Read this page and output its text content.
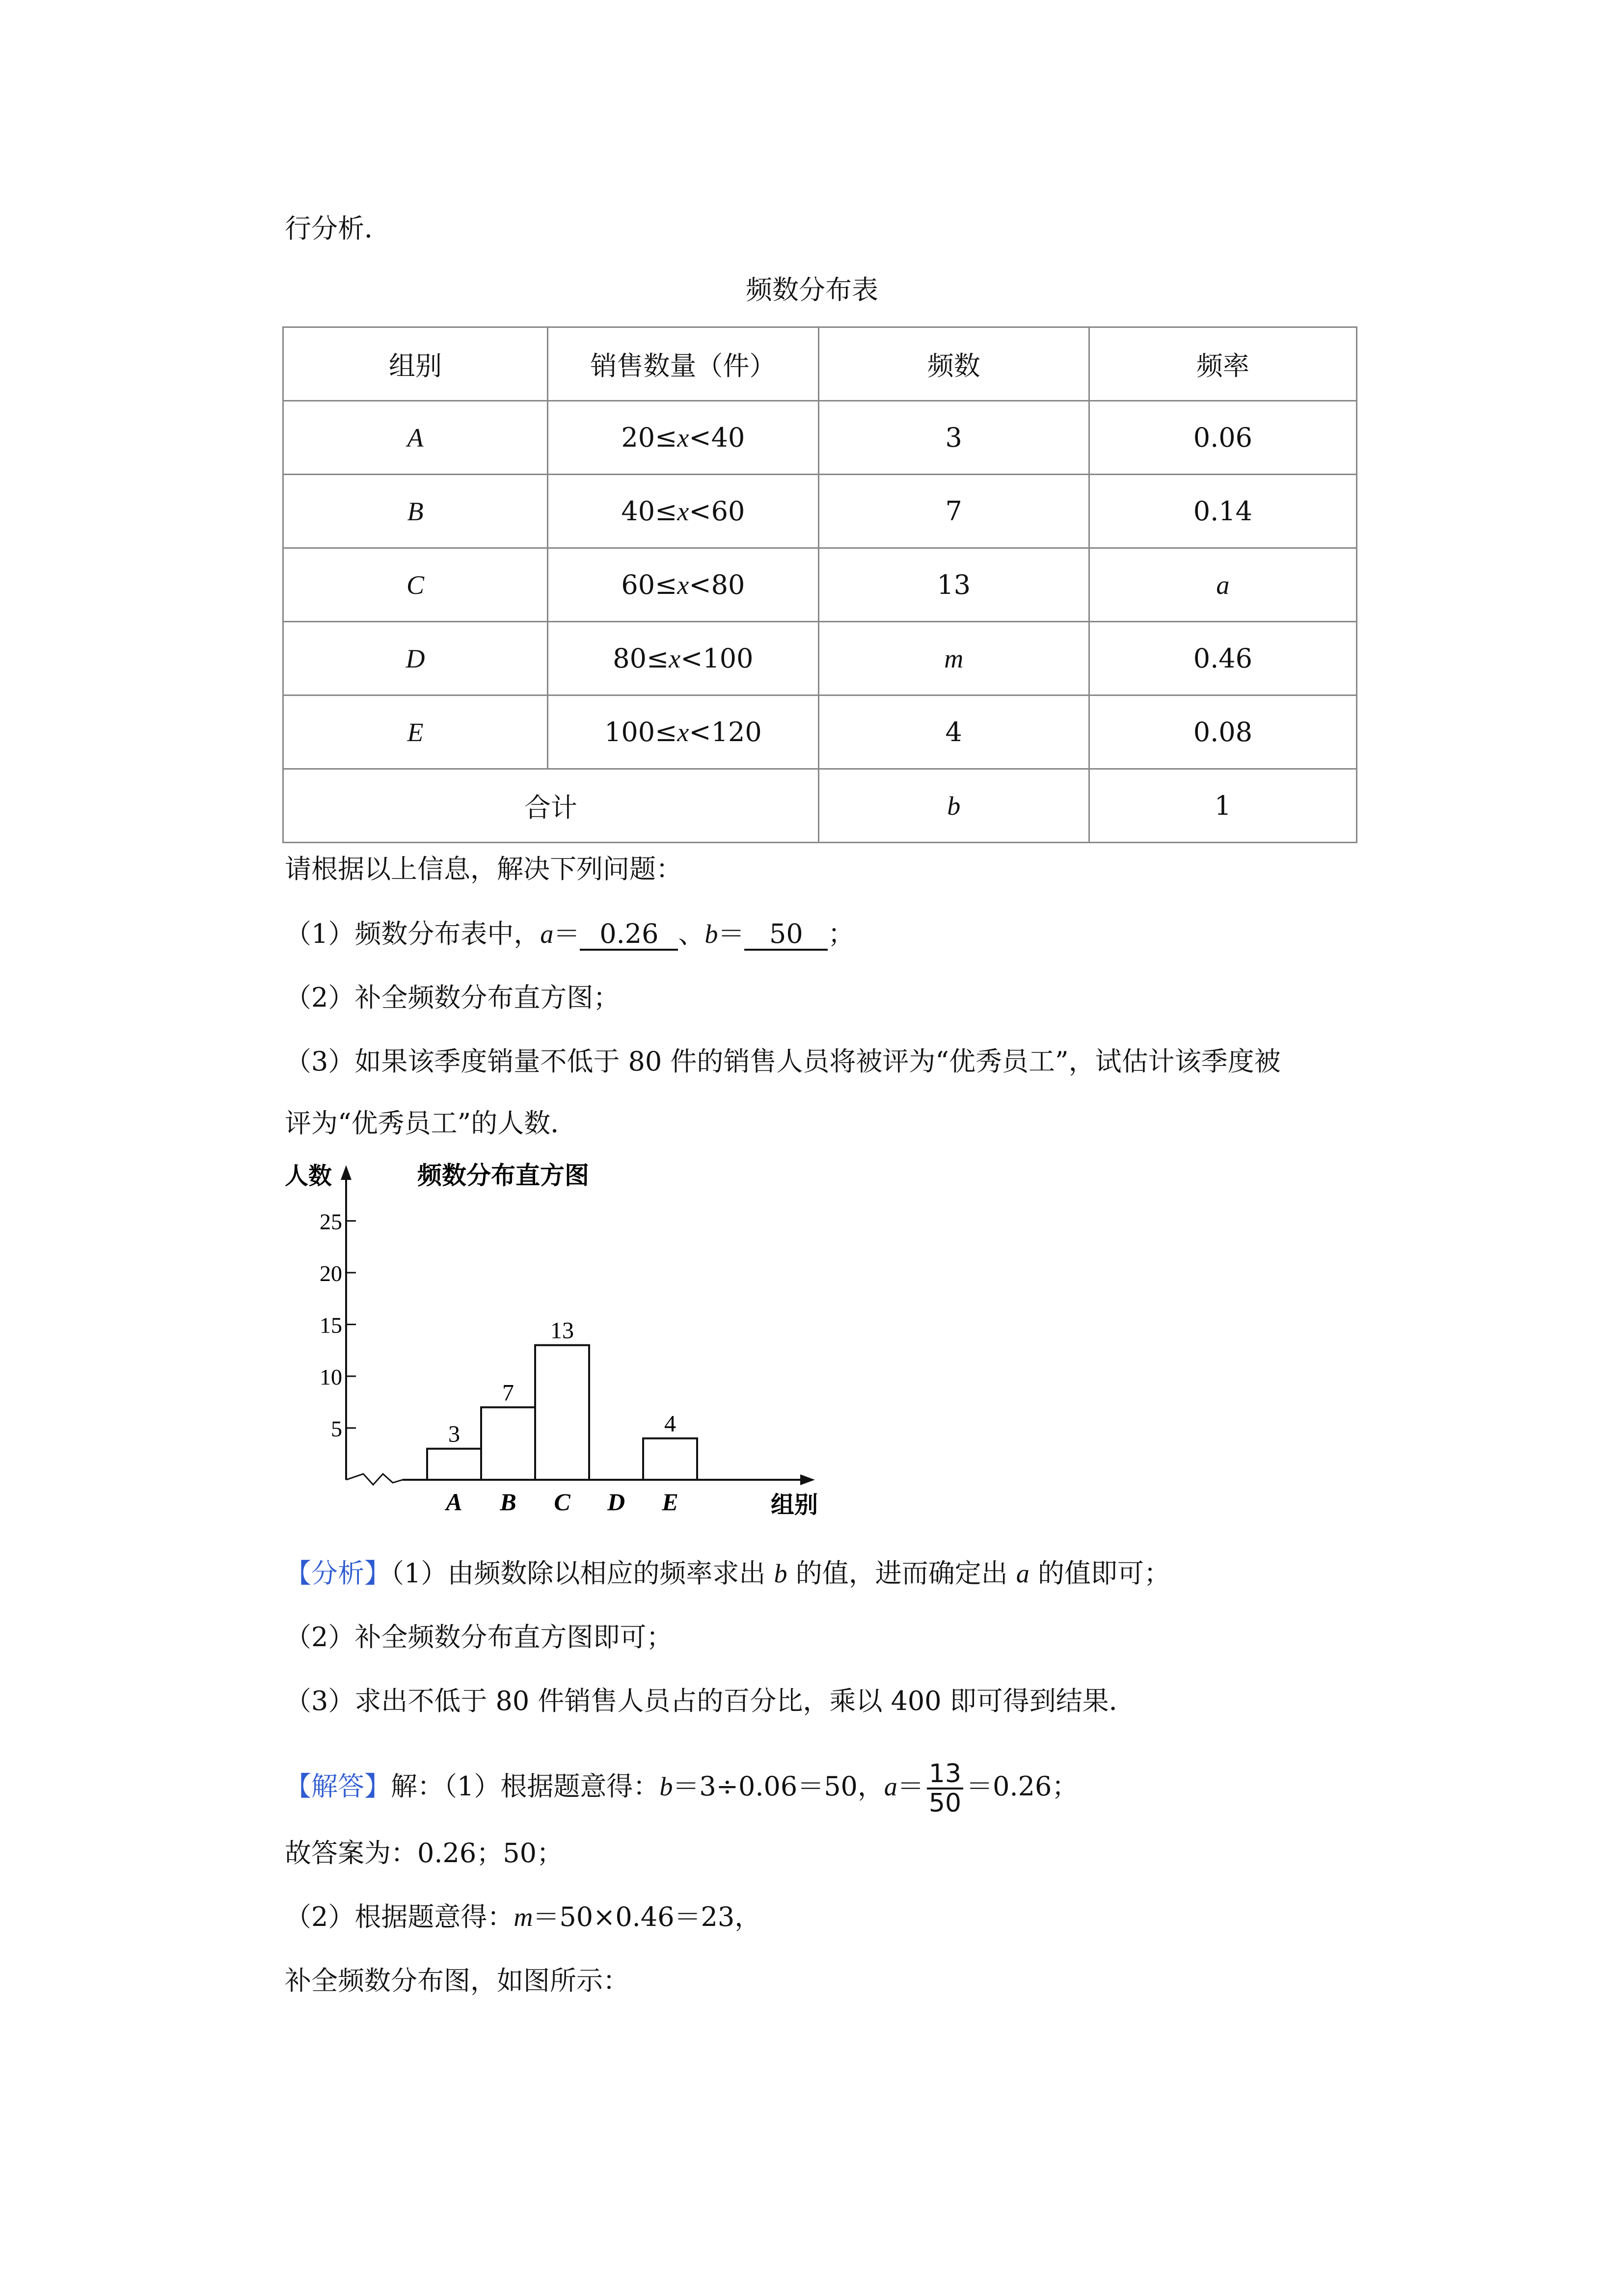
行分析．
频数分布表
组别	销售数量（件）	频数	频率
A	20≤x<40	3	0.06
B	40≤x<60	7	0.14
C	60≤x<80	13	a
D	80≤x<100	m	0.46
E	100≤x<120	4	0.08
合计		b	1
请根据以上信息，解决下列问题：
（1）频数分布表中，a＝ 0.26 、b＝ 50 ；
（2）补全频数分布直方图；
（3）如果该季度销量不低于 80 件的销售人员将被评为“优秀员工”，试估计该季度被
评为“优秀员工”的人数．
人数	频数分布直方图
组别
5
10
15
20
25
3
A
7
B
13
C D
4
E
【分析】（1）由频数除以相应的频率求出 b 的值，进而确定出 a 的值即可；
（2）补全频数分布直方图即可；
（3）求出不低于 80 件销售人员占的百分比，乘以 400 即可得到结果．
【解答】解：（1）根据题意得：b＝3÷0.06＝50，$a= \frac{13}{50} =0.26$；
故答案为：0.26；50；
（2）根据题意得：m＝50×0.46＝23，
补全频数分布图，如图所示：
